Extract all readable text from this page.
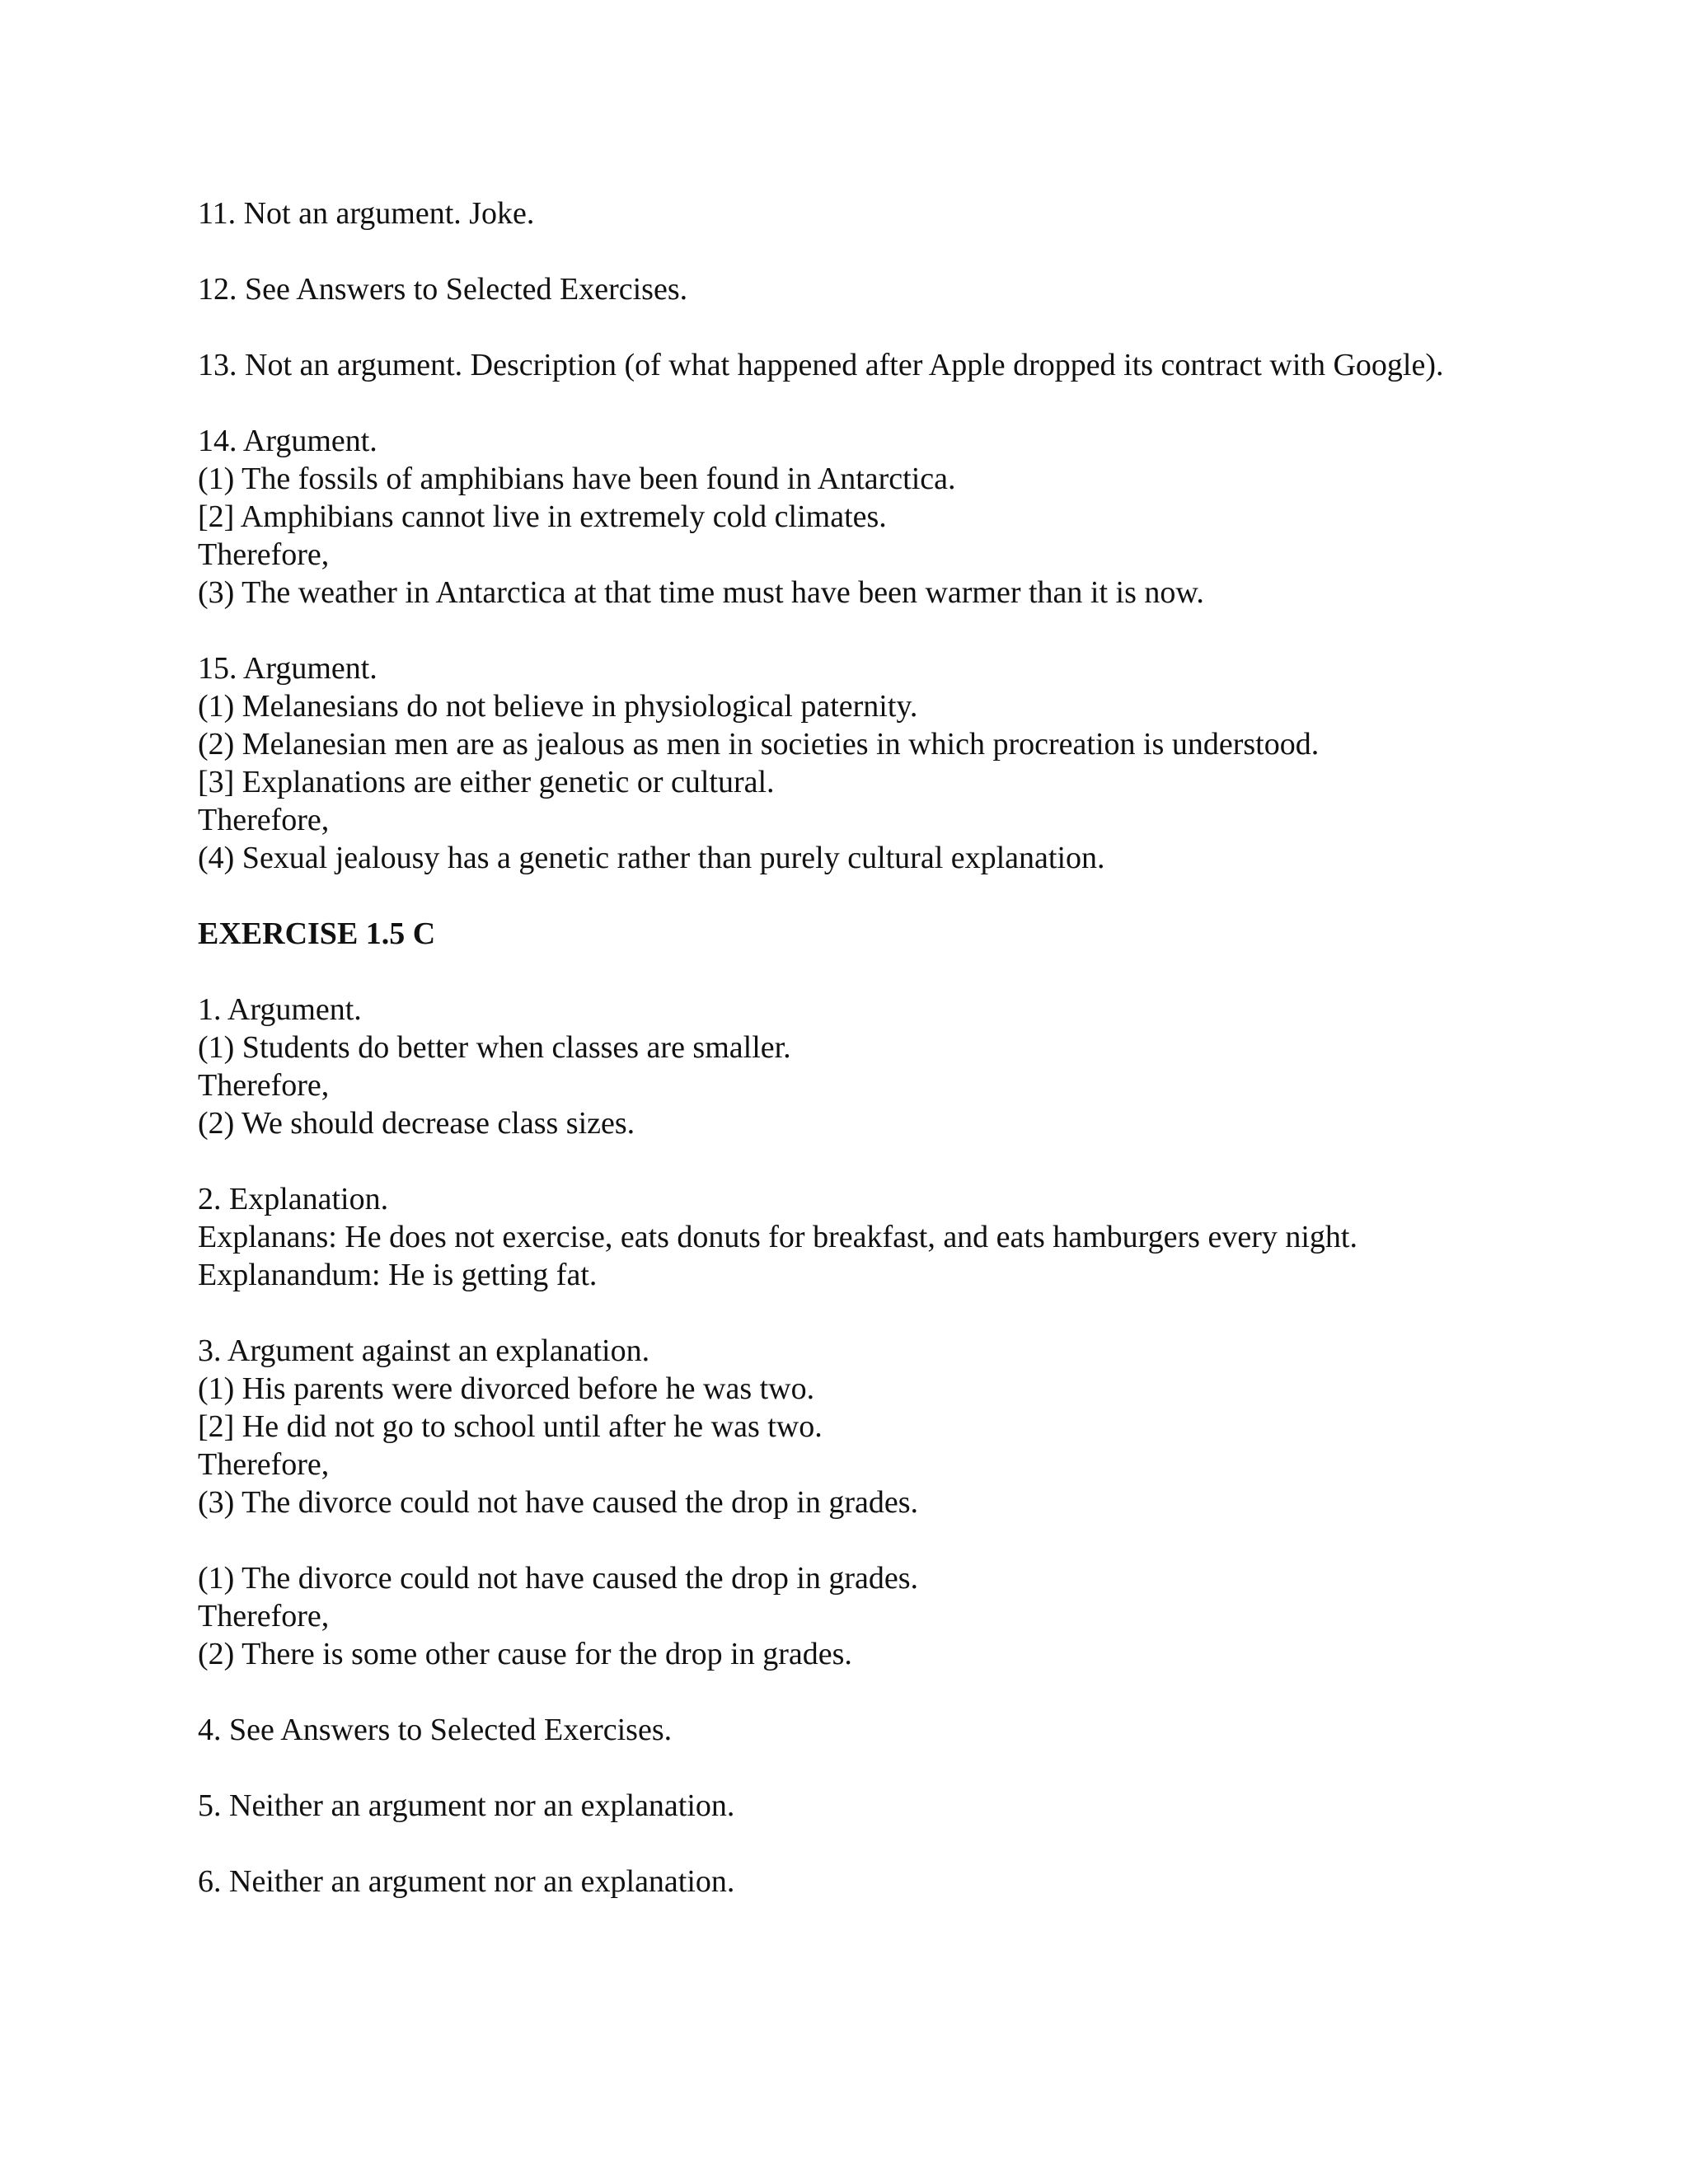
11. Not an argument. Joke.
12. See Answers to Selected Exercises.
13. Not an argument. Description (of what happened after Apple dropped its contract with Google).
14. Argument.
(1) The fossils of amphibians have been found in Antarctica.
[2] Amphibians cannot live in extremely cold climates.
Therefore,
(3) The weather in Antarctica at that time must have been warmer than it is now.
15. Argument.
(1) Melanesians do not believe in physiological paternity.
(2) Melanesian men are as jealous as men in societies in which procreation is understood.
[3] Explanations are either genetic or cultural.
Therefore,
(4) Sexual jealousy has a genetic rather than purely cultural explanation.
EXERCISE 1.5 C
1. Argument.
(1) Students do better when classes are smaller.
Therefore,
(2) We should decrease class sizes.
2. Explanation.
Explanans: He does not exercise, eats donuts for breakfast, and eats hamburgers every night.
Explanandum: He is getting fat.
3. Argument against an explanation.
(1) His parents were divorced before he was two.
[2] He did not go to school until after he was two.
Therefore,
(3) The divorce could not have caused the drop in grades.
(1) The divorce could not have caused the drop in grades.
Therefore,
(2) There is some other cause for the drop in grades.
4. See Answers to Selected Exercises.
5. Neither an argument nor an explanation.
6. Neither an argument nor an explanation.
